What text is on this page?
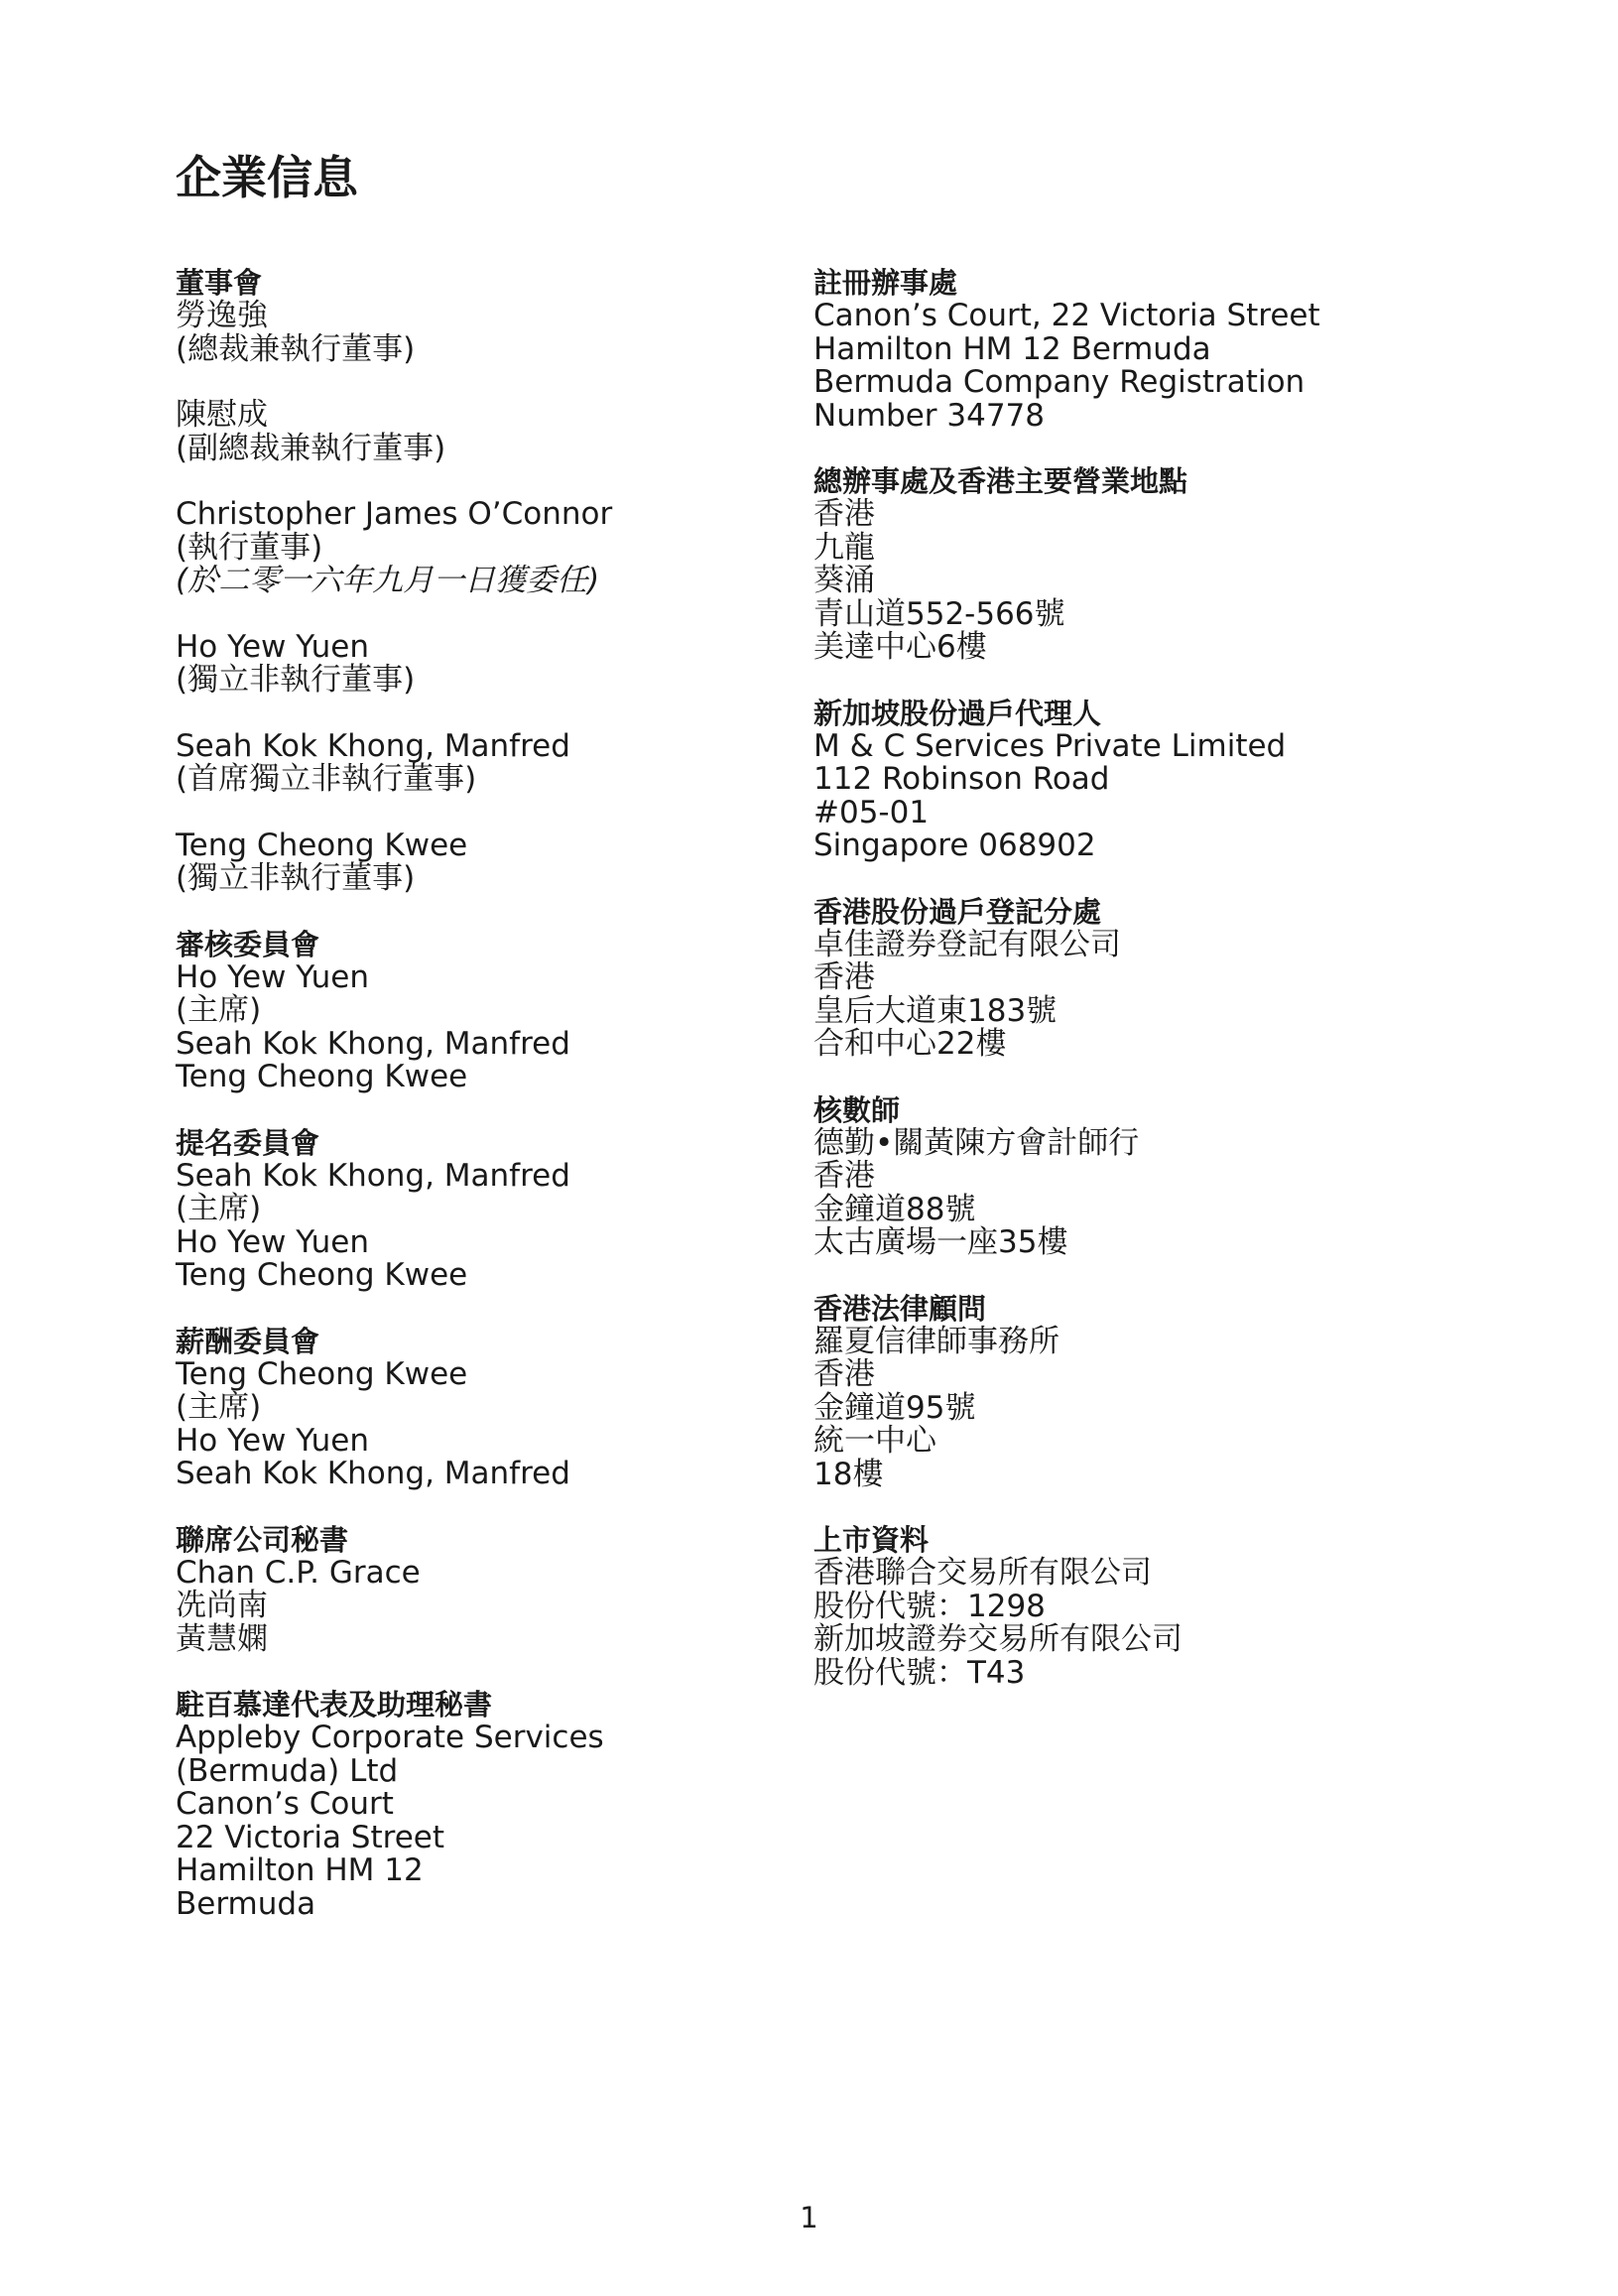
企業信息

董事會

勞逸強

(總裁兼執行董事)

陳慰成

(副總裁兼執行董事)

Christopher James O’Connor

(執行董事)

(於二零一六年九月一日獲委任)

Ho Yew Yuen

(獨立非執行董事)

Seah Kok Khong, Manfred

(首席獨立非執行董事)

Teng Cheong Kwee

(獨立非執行董事)

審核委員會

Ho Yew Yuen

(主席)

Seah Kok Khong, Manfred

Teng Cheong Kwee

提名委員會

Seah Kok Khong, Manfred

(主席)

Ho Yew Yuen

Teng Cheong Kwee

薪酬委員會

Teng Cheong Kwee

(主席)

Ho Yew Yuen

Seah Kok Khong, Manfred

聯席公司秘書

Chan C.P. Grace

冼尚南

黃慧嫻

駐百慕達代表及助理秘書

Appleby Corporate Services

(Bermuda) Ltd

Canon’s Court

22 Victoria Street

Hamilton HM 12

Bermuda

註冊辦事處

Canon’s Court, 22 Victoria Street

Hamilton HM 12 Bermuda

Bermuda Company Registration

Number 34778

總辦事處及香港主要營業地點

香港

九龍

葵涌

青山道552-566號

美達中心6樓

新加坡股份過戶代理人

M & C Services Private Limited

112 Robinson Road

#05-01

Singapore 068902

香港股份過戶登記分處

卓佳證券登記有限公司

香港

皇后大道東183號

合和中心22樓

核數師

德勤•關黃陳方會計師行

香港

金鐘道88號

太古廣場一座35樓

香港法律顧問

羅夏信律師事務所

香港

金鐘道95號

統一中心

18樓

上市資料

香港聯合交易所有限公司

股份代號：1298

新加坡證券交易所有限公司

股份代號：T43

1
